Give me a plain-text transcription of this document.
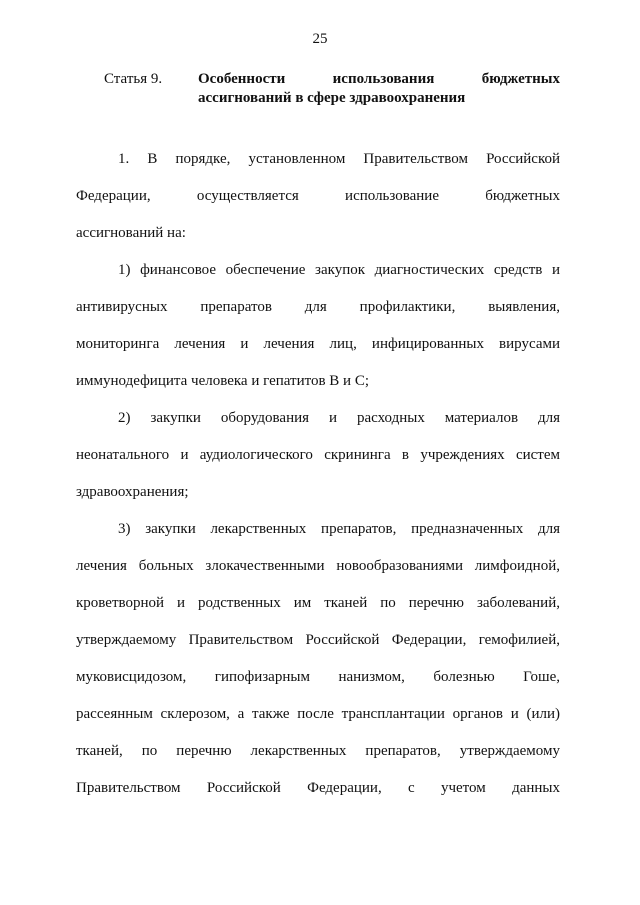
25
Статья 9. Особенности использования бюджетных
ассигнований в сфере здравоохранения
1. В порядке, установленном Правительством Российской
Федерации, осуществляется использование бюджетных
ассигнований на:
1) финансовое обеспечение закупок диагностических средств и
антивирусных препаратов для профилактики, выявления,
мониторинга лечения и лечения лиц, инфицированных вирусами
иммунодефицита человека и гепатитов В и С;
2) закупки оборудования и расходных материалов для
неонатального и аудиологического скрининга в учреждениях систем
здравоохранения;
3) закупки лекарственных препаратов, предназначенных для
лечения больных злокачественными новообразованиями лимфоидной,
кроветворной и родственных им тканей по перечню заболеваний,
утверждаемому Правительством Российской Федерации, гемофилией,
муковисцидозом, гипофизарным нанизмом, болезнью Гоше,
рассеянным склерозом, а также после трансплантации органов и (или)
тканей, по перечню лекарственных препаратов, утверждаемому
Правительством Российской Федерации, с учетом данных
